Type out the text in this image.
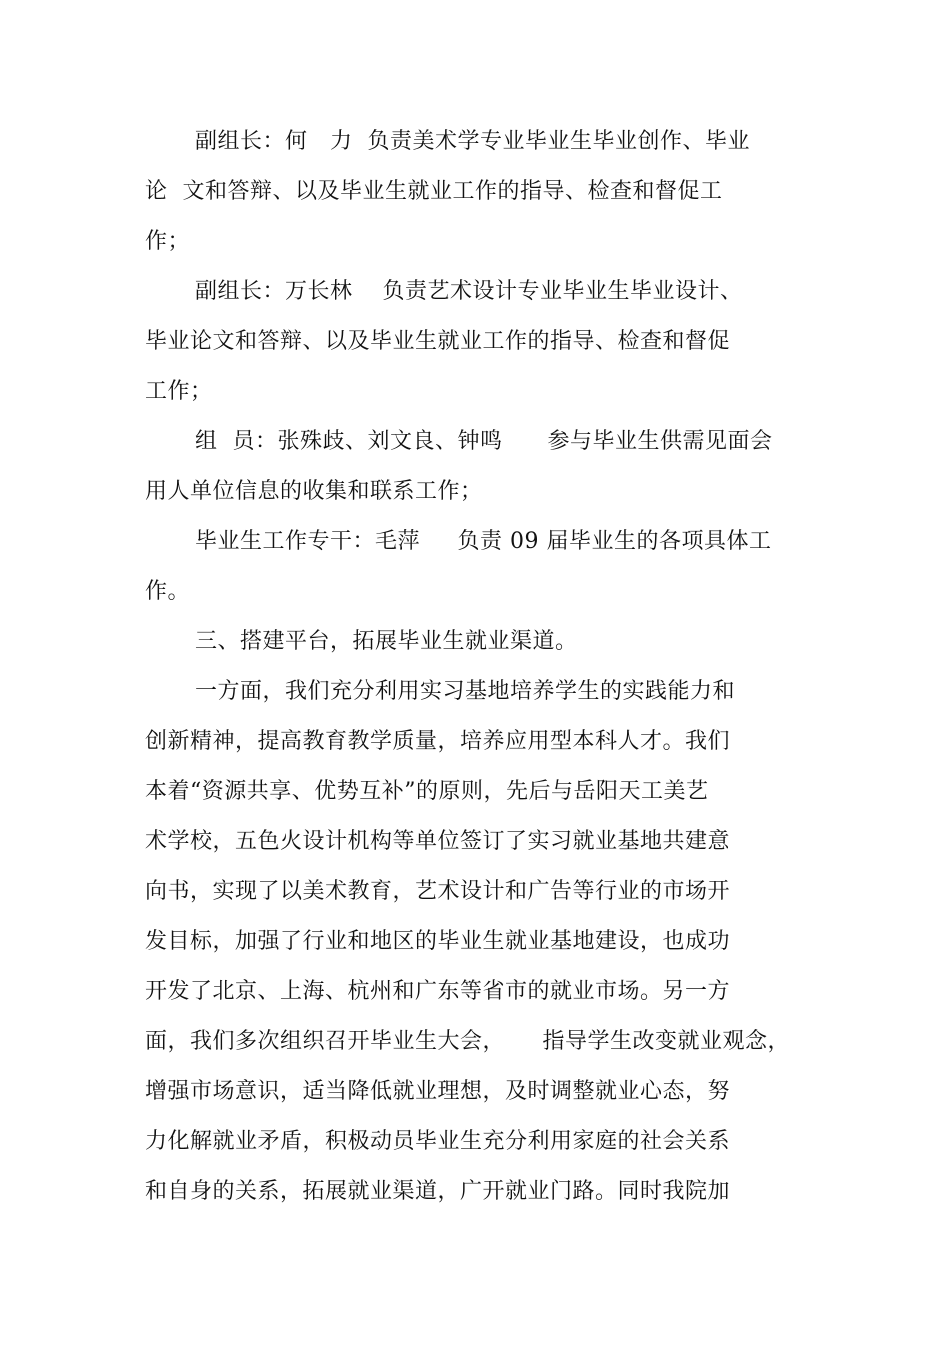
副组长：何　力  负责美术学专业毕业生毕业创作、毕业
论  文和答辩、以及毕业生就业工作的指导、检查和督促工
作；
副组长：万长林    负责艺术设计专业毕业生毕业设计、
毕业论文和答辩、以及毕业生就业工作的指导、检查和督促
工作；
组  员：张殊歧、刘文良、钟鸣      参与毕业生供需见面会
用人单位信息的收集和联系工作；
毕业生工作专干：毛萍     负责 09 届毕业生的各项具体工
作。
三、搭建平台，拓展毕业生就业渠道。
一方面，我们充分利用实习基地培养学生的实践能力和
创新精神，提高教育教学质量，培养应用型本科人才。我们
本着“资源共享、优势互补”的原则，先后与岳阳天工美艺
术学校，五色火设计机构等单位签订了实习就业基地共建意
向书，实现了以美术教育，艺术设计和广告等行业的市场开
发目标，加强了行业和地区的毕业生就业基地建设，也成功
开发了北京、上海、杭州和广东等省市的就业市场。另一方
面，我们多次组织召开毕业生大会，     指导学生改变就业观念，
增强市场意识，适当降低就业理想，及时调整就业心态，努
力化解就业矛盾，积极动员毕业生充分利用家庭的社会关系
和自身的关系，拓展就业渠道，广开就业门路。同时我院加
